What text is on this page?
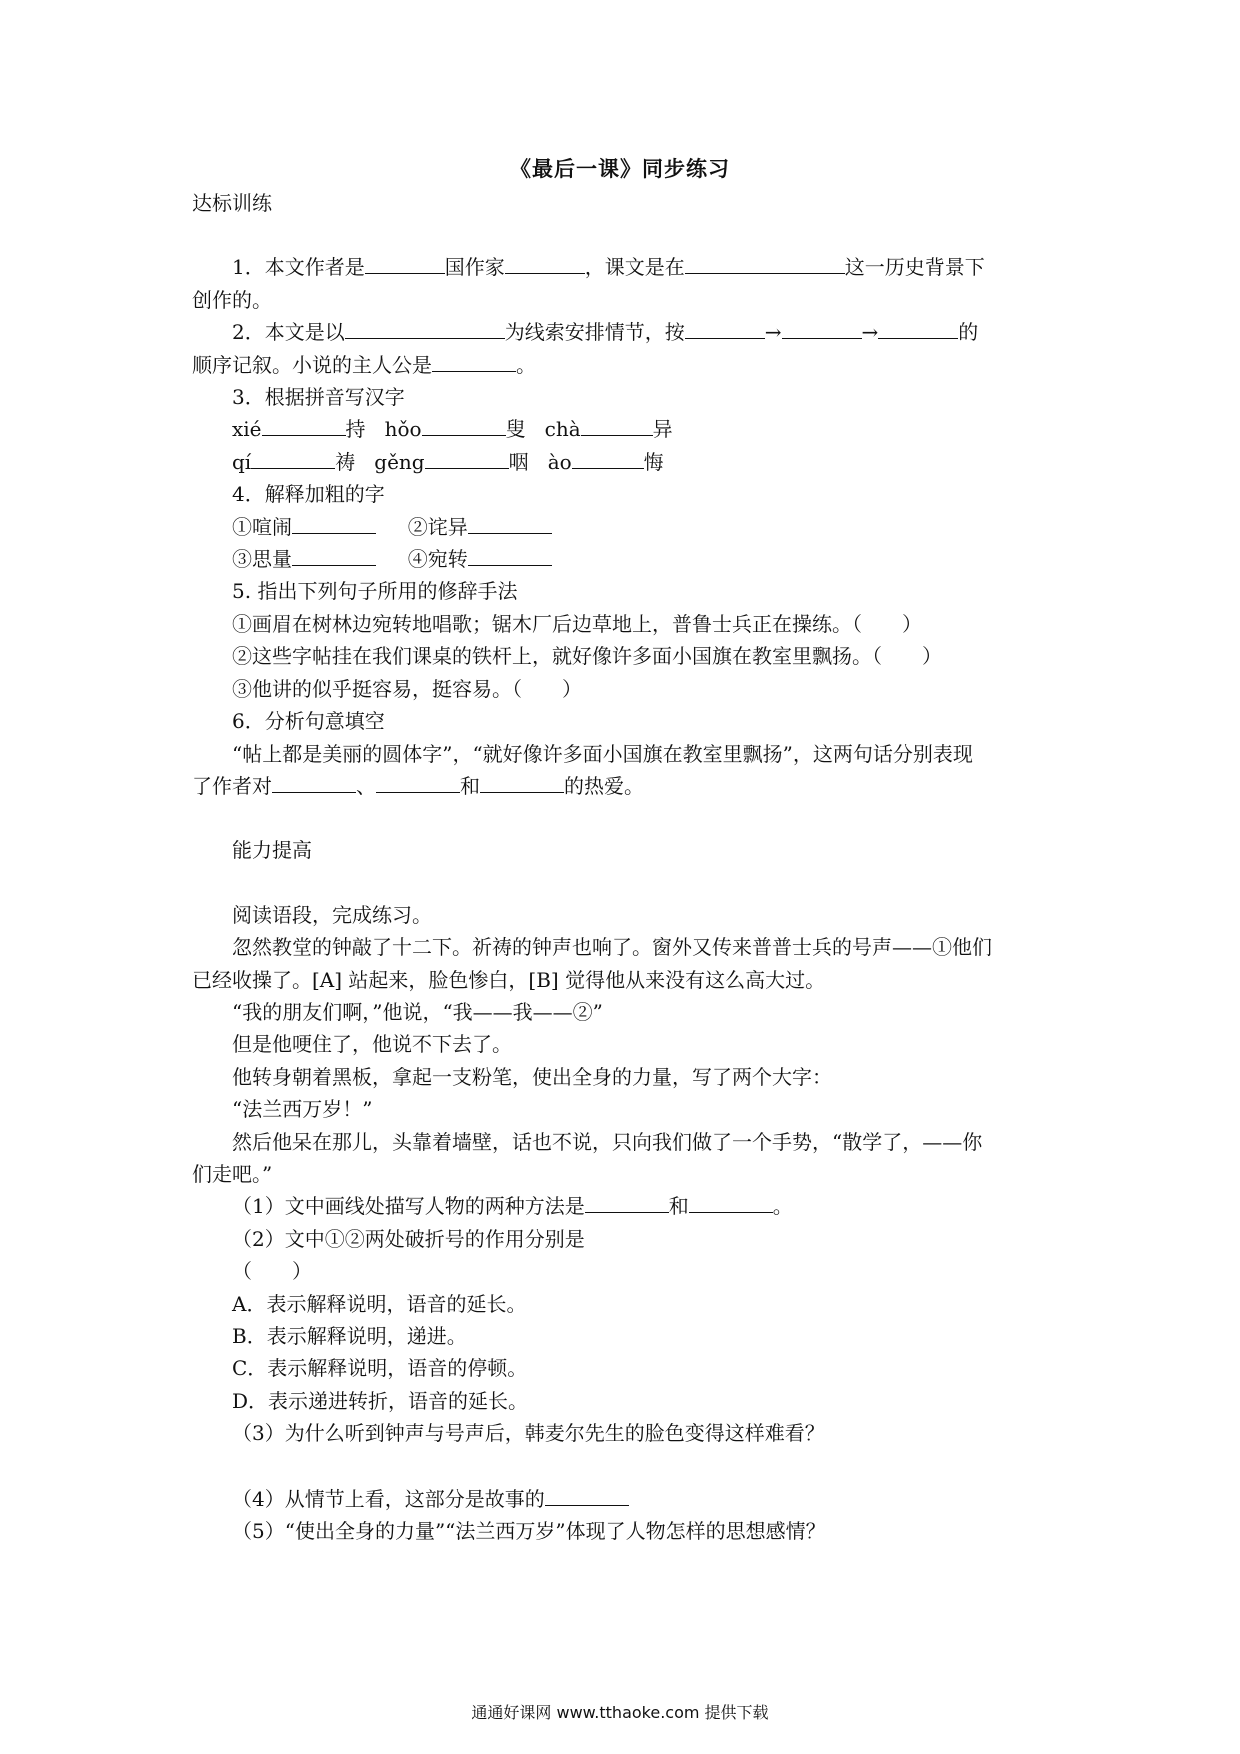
《最后一课》同步练习
达标训练
1．本文作者是	国作家	，课文是在	这一历史背景下
创作的。
2．本文是以	为线索安排情节，按	→	→	的
顺序记叙。小说的主人公是	。
3．根据拼音写汉字
xié	持 hǒo	叟 chà	异
qí	祷 gěng	咽 ào	悔
4．解释加粗的字
①喧闹	②诧异
③思量	④宛转
5. 指出下列句子所用的修辞手法
①画眉在树林边宛转地唱歌；锯木厂后边草地上，普鲁士兵正在操练。（　　）
②这些字帖挂在我们课桌的铁杆上，就好像许多面小国旗在教室里飘扬。（　　）
③他讲的似乎挺容易，挺容易。（　　）
6．分析句意填空
“帖上都是美丽的圆体字”，“就好像许多面小国旗在教室里飘扬”，这两句话分别表现
了作者对	、	和	的热爱。
能力提高
阅读语段，完成练习。
忽然教堂的钟敲了十二下。祈祷的钟声也响了。窗外又传来普普士兵的号声——①他们
已经收操了。[A] 站起来，脸色惨白，[B] 觉得他从来没有这么高大过。
“我的朋友们啊，”他说，“我——我——②”
但是他哽住了，他说不下去了。
他转身朝着黑板，拿起一支粉笔，使出全身的力量，写了两个大字：
“法兰西万岁！”
然后他呆在那儿，头靠着墙壁，话也不说，只向我们做了一个手势，“散学了，——你
们走吧。”
（1）文中画线处描写人物的两种方法是	和	。
（2）文中①②两处破折号的作用分别是
（　　）
A．表示解释说明，语音的延长。
B．表示解释说明，递进。
C．表示解释说明，语音的停顿。
D．表示递进转折，语音的延长。
（3）为什么听到钟声与号声后，韩麦尔先生的脸色变得这样难看？
（4）从情节上看，这部分是故事的
（5）“使出全身的力量”“法兰西万岁”体现了人物怎样的思想感情？
通通好课网 www.tthaoke.com 提供下载
